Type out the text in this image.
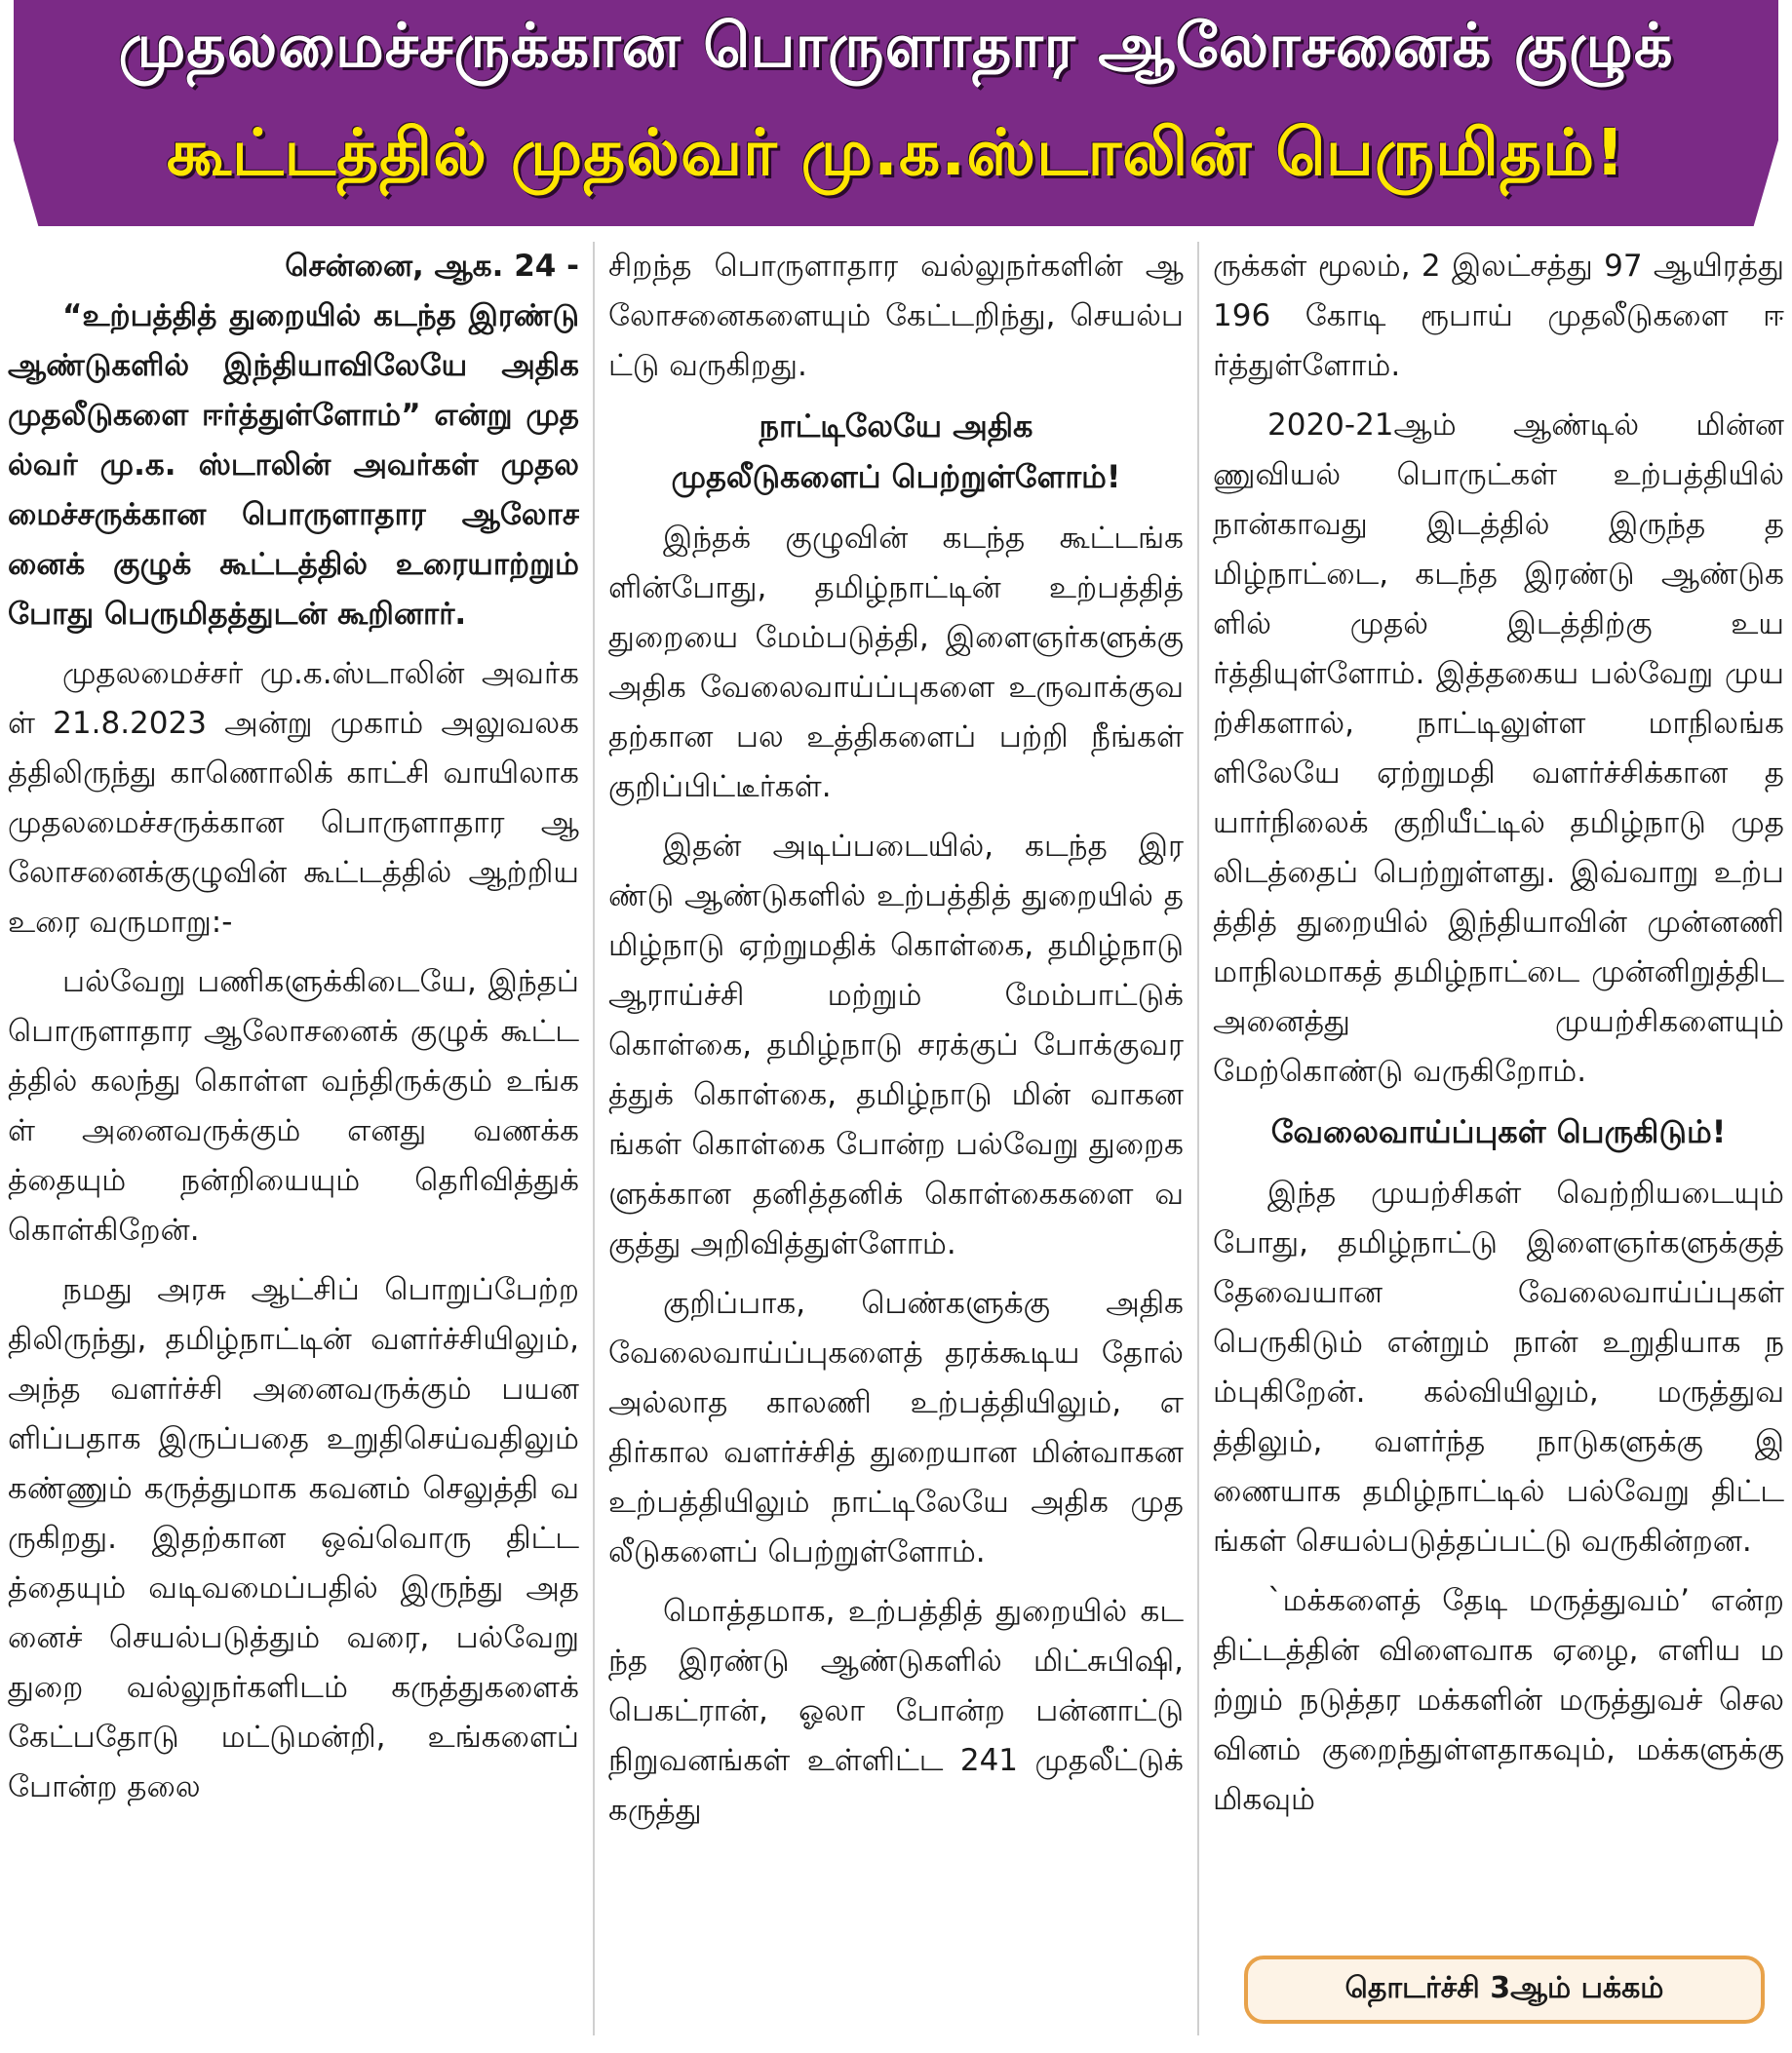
முதலமைச்சருக்கான பொருளாதார ஆலோசனைக் குழுக்
கூட்டத்தில் முதல்வர் மு.க.ஸ்டாலின் பெருமிதம்!

சென்னை, ஆக. 24 -

“உற்பத்தித் துறையில் கடந்த இரண்டு ஆண்டுகளில் இந்தியாவிலேயே அதிக முதலீடுகளை ஈர்த்துள்ளோம்” என்று முதல்வர் மு.க. ஸ்டாலின் அவர்கள் முதலமைச்சருக்கான பொருளாதார ஆலோசனைக் குழுக் கூட்டத்தில் உரையாற்றும் போது பெருமிதத்துடன் கூறினார்.

முதலமைச்சர் மு.க.ஸ்டாலின் அவர்கள் 21.8.2023 அன்று முகாம் அலுவலகத்திலிருந்து காணொலிக் காட்சி வாயிலாக முதலமைச்சருக்கான பொருளாதார ஆலோசனைக்குழுவின் கூட்டத்தில் ஆற்றிய உரை வருமாறு:-

பல்வேறு பணிகளுக்கிடையே, இந்தப் பொருளாதார ஆலோசனைக் குழுக் கூட்டத்தில் கலந்து கொள்ள வந்திருக்கும் உங்கள் அனைவருக்கும் எனது வணக்கத்தையும் நன்றியையும் தெரிவித்துக் கொள்கிறேன்.

நமது அரசு ஆட்சிப் பொறுப்பேற்றதிலிருந்து, தமிழ்நாட்டின் வளர்ச்சியிலும், அந்த வளர்ச்சி அனைவருக்கும் பயனளிப்பதாக இருப்பதை உறுதிசெய்வதிலும் கண்ணும் கருத்துமாக கவனம் செலுத்தி வருகிறது. இதற்கான ஒவ்வொரு திட்டத்தையும் வடிவமைப்பதில் இருந்து அதனைச் செயல்படுத்தும் வரை, பல்வேறு துறை வல்லுநர்களிடம் கருத்துகளைக் கேட்பதோடு மட்டுமன்றி, உங்களைப் போன்ற தலை

சிறந்த பொருளாதார வல்லுநர்களின் ஆலோசனைகளையும் கேட்டறிந்து, செயல்பட்டு வருகிறது.

நாட்டிலேயே அதிக
முதலீடுகளைப் பெற்றுள்ளோம்!

இந்தக் குழுவின் கடந்த கூட்டங்களின்போது, தமிழ்நாட்டின் உற்பத்தித் துறையை மேம்படுத்தி, இளைஞர்களுக்கு அதிக வேலைவாய்ப்புகளை உருவாக்குவதற்கான பல உத்திகளைப் பற்றி நீங்கள் குறிப்பிட்டீர்கள்.

இதன் அடிப்படையில், கடந்த இரண்டு ஆண்டுகளில் உற்பத்தித் துறையில் தமிழ்நாடு ஏற்றுமதிக் கொள்கை, தமிழ்நாடு ஆராய்ச்சி மற்றும் மேம்பாட்டுக் கொள்கை, தமிழ்நாடு சரக்குப் போக்குவரத்துக் கொள்கை, தமிழ்நாடு மின் வாகனங்கள் கொள்கை போன்ற பல்வேறு துறைகளுக்கான தனித்தனிக் கொள்கைகளை வகுத்து அறிவித்துள்ளோம்.

குறிப்பாக, பெண்களுக்கு அதிக வேலைவாய்ப்புகளைத் தரக்கூடிய தோல் அல்லாத காலணி உற்பத்தியிலும், எதிர்கால வளர்ச்சித் துறையான மின்வாகன உற்பத்தியிலும் நாட்டிலேயே அதிக முதலீடுகளைப் பெற்றுள்ளோம்.

மொத்தமாக, உற்பத்தித் துறையில் கடந்த இரண்டு ஆண்டுகளில் மிட்சுபிஷி, பெகட்ரான், ஓலா போன்ற பன்னாட்டு நிறுவனங்கள் உள்ளிட்ட 241 முதலீட்டுக் கருத்து

ருக்கள் மூலம், 2 இலட்சத்து 97 ஆயிரத்து 196 கோடி ரூபாய் முதலீடுகளை ஈர்த்துள்ளோம்.

2020-21ஆம் ஆண்டில் மின்னணுவியல் பொருட்கள் உற்பத்தியில் நான்காவது இடத்தில் இருந்த தமிழ்நாட்டை, கடந்த இரண்டு ஆண்டுகளில் முதல் இடத்திற்கு உயர்த்தியுள்ளோம். இத்தகைய பல்வேறு முயற்சிகளால், நாட்டிலுள்ள மாநிலங்களிலேயே ஏற்றுமதி வளர்ச்சிக்கான தயார்நிலைக் குறியீட்டில் தமிழ்நாடு முதலிடத்தைப் பெற்றுள்ளது. இவ்வாறு உற்பத்தித் துறையில் இந்தியாவின் முன்னணி மாநிலமாகத் தமிழ்நாட்டை முன்னிறுத்திட அனைத்து முயற்சிகளையும் மேற்கொண்டு வருகிறோம்.

வேலைவாய்ப்புகள் பெருகிடும்!

இந்த முயற்சிகள் வெற்றியடையும் போது, தமிழ்நாட்டு இளைஞர்களுக்குத் தேவையான வேலைவாய்ப்புகள் பெருகிடும் என்றும் நான் உறுதியாக நம்புகிறேன். கல்வியிலும், மருத்துவத்திலும், வளர்ந்த நாடுகளுக்கு இணையாக தமிழ்நாட்டில் பல்வேறு திட்டங்கள் செயல்படுத்தப்பட்டு வருகின்றன.

`மக்களைத் தேடி மருத்துவம்’ என்ற திட்டத்தின் விளைவாக ஏழை, எளிய மற்றும் நடுத்தர மக்களின் மருத்துவச் செலவினம் குறைந்துள்ளதாகவும், மக்களுக்கு மிகவும்

தொடர்ச்சி 3ஆம் பக்கம்
